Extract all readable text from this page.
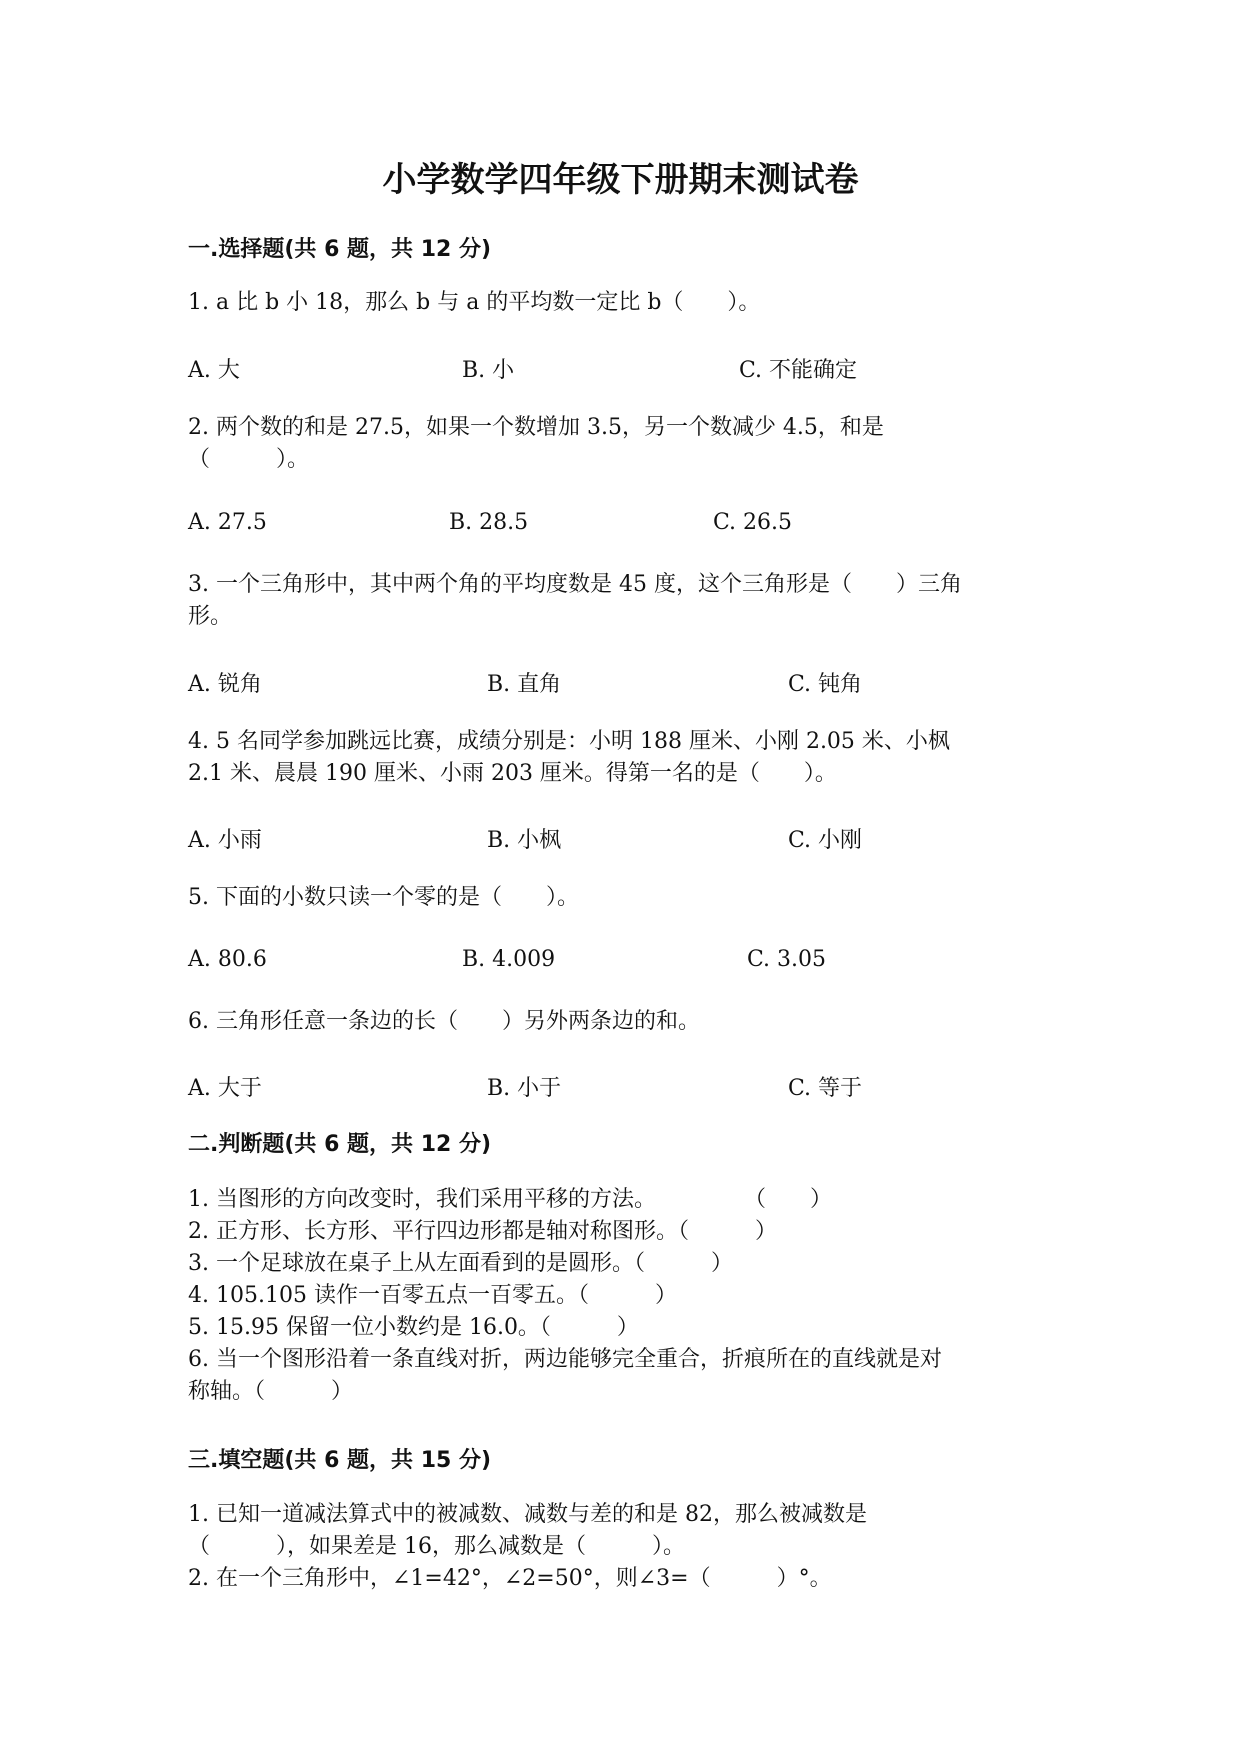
小学数学四年级下册期末测试卷
一.选择题(共 6 题，共 12 分)
1. a 比 b 小 18，那么 b 与 a 的平均数一定比 b（　　）。
A. 大	B. 小	C. 不能确定
2. 两个数的和是 27.5，如果一个数增加 3.5，另一个数减少 4.5，和是
（　　　）。
A. 27.5	B. 28.5	C. 26.5
3. 一个三角形中，其中两个角的平均度数是 45 度，这个三角形是（　　）三角
形。
A. 锐角	B. 直角	C. 钝角
4. 5 名同学参加跳远比赛，成绩分别是：小明 188 厘米、小刚 2.05 米、小枫
2.1 米、晨晨 190 厘米、小雨 203 厘米。得第一名的是（　　）。
A. 小雨	B. 小枫	C. 小刚
5. 下面的小数只读一个零的是（　　）。
A. 80.6	B. 4.009	C. 3.05
6. 三角形任意一条边的长（　　）另外两条边的和。
A. 大于	B. 小于	C. 等于
二.判断题(共 6 题，共 12 分)
1. 当图形的方向改变时，我们采用平移的方法。　　　　　（　　）
2. 正方形、长方形、平行四边形都是轴对称图形。（　　　）
3. 一个足球放在桌子上从左面看到的是圆形。（　　　）
4. 105.105 读作一百零五点一百零五。（　　　）
5. 15.95 保留一位小数约是 16.0。（　　　）
6. 当一个图形沿着一条直线对折，两边能够完全重合，折痕所在的直线就是对
称轴。（　　　）
三.填空题(共 6 题，共 15 分)
1. 已知一道减法算式中的被减数、减数与差的和是 82，那么被减数是
（　　　），如果差是 16，那么减数是（　　　）。
2. 在一个三角形中，∠1=42°，∠2=50°，则∠3=（　　　）°。
